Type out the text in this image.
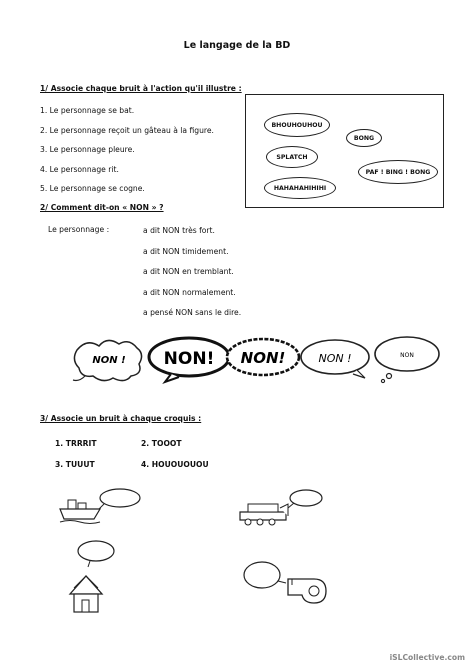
Le langage de la BD
1/ Associe chaque bruit à l'action qu'il illustre :
1. Le personnage se bat.
2. Le personnage reçoit un gâteau à la figure.
3. Le personnage pleure.
4. Le personnage rit.
5. Le personnage se cogne.
BHOUHOUHOU
BONG
SPLATCH
PAF ! BING ! BONG
HAHAHAHIHIHI
2/ Comment dit-on « NON » ?
Le personnage :	a dit NON très fort.
a dit NON timidement.
a dit NON en tremblant.
a dit NON normalement.
a pensé NON sans le dire.
NON ! NON! NON!	NON !	NON
3/ Associe un bruit à chaque croquis :
1. TRRRIT	2. TOOOT
3. TUUUT	4. HOUOUOUOU
iSLCollective.com
